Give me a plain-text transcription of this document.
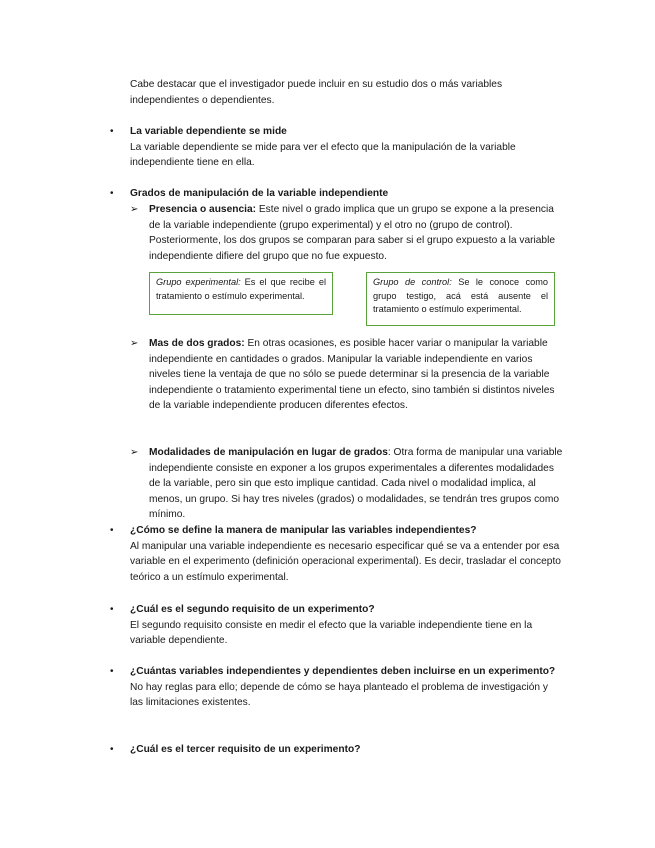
Cabe destacar que el investigador puede incluir en su estudio dos o más variables independientes o dependientes.

•	La variable dependiente se mide
La variable dependiente se mide para ver el efecto que la manipulación de la variable independiente tiene en ella.
•	Grados de manipulación de la variable independiente
➢ Presencia o ausencia: Este nivel o grado implica que un grupo se expone a la presencia de la variable independiente (grupo experimental) y el otro no (grupo de control). Posteriormente, los dos grupos se comparan para saber si el grupo expuesto a la variable independiente difiere del grupo que no fue expuesto.

Grupo experimental: Es el que recibe el tratamiento o estímulo experimental.
Grupo de control: Se le conoce como grupo testigo, acá está ausente el tratamiento o estímulo experimental.
➢ Mas de dos grados: En otras ocasiones, es posible hacer variar o manipular la variable independiente en cantidades o grados. Manipular la variable independiente en varios niveles tiene la ventaja de que no sólo se puede determinar si la presencia de la variable independiente o tratamiento experimental tiene un efecto, sino también si distintos niveles de la variable independiente producen diferentes efectos.

➢ Modalidades de manipulación en lugar de grados: Otra forma de manipular una variable independiente consiste en exponer a los grupos experimentales a diferentes modalidades de la variable, pero sin que esto implique cantidad. Cada nivel o modalidad implica, al menos, un grupo. Si hay tres niveles (grados) o modalidades, se tendrán tres grupos como mínimo.

•	¿Cómo se define la manera de manipular las variables independientes?
Al manipular una variable independiente es necesario especificar qué se va a entender por esa variable en el experimento (definición operacional experimental). Es decir, trasladar el concepto teórico a un estímulo experimental.
•	¿Cuál es el segundo requisito de un experimento?
El segundo requisito consiste en medir el efecto que la variable independiente tiene en la variable dependiente.
•	¿Cuántas variables independientes y dependientes deben incluirse en un experimento?
No hay reglas para ello; depende de cómo se haya planteado el problema de investigación y las limitaciones existentes.
•	¿Cuál es el tercer requisito de un experimento?
